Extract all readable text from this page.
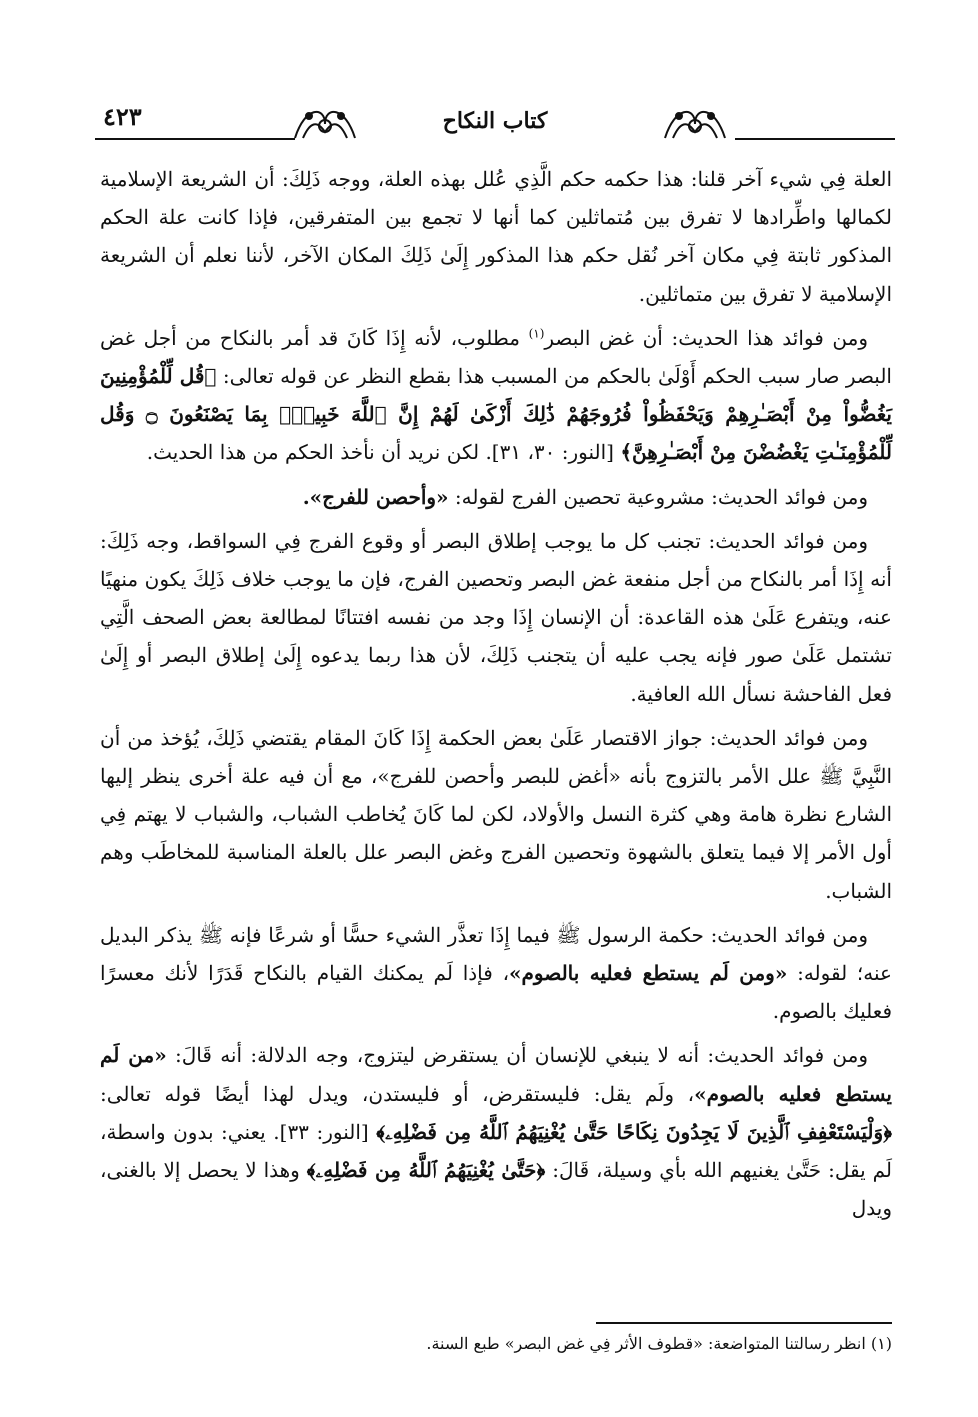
٤٢٣	كتاب النكاح

العلة فِي شيء آخر قلنا: هذا حكمه حكم الَّذِي عُلل بهذه العلة، ووجه ذَلِكَ: أن الشريعة الإسلامية لكمالها واطِّرادها لا تفرق بين مُتماثلين كما أنها لا تجمع بين المتفرقين، فإذا كانت علة الحكم المذكور ثابتة فِي مكان آخر نُقل حكم هذا المذكور إِلَىٰ ذَلِكَ المكان الآخر، لأننا نعلم أن الشريعة الإسلامية لا تفرق بين متماثلين.

ومن فوائد هذا الحديث: أن غض البصر$^{(١)}$ مطلوب، لأنه إِذَا كَانَ قد أمر بالنكاح من أجل غض البصر صار سبب الحكم أَوْلَىٰ بالحكم من المسبب هذا بقطع النظر عن قوله تعالى: ﴿قُل لِّلْمُؤْمِنِينَ يَغُضُّواْ مِنْ أَبْصَـٰرِهِمْ وَيَحْفَظُواْ فُرُوجَهُمْ ذَٰلِكَ أَزْكَىٰ لَهُمْ إِنَّ ٱللَّهَ خَبِيرٌۢ بِمَا يَصْنَعُونَ ۝ وَقُل لِّلْمُؤْمِنَـٰتِ يَغْضُضْنَ مِنْ أَبْصَـٰرِهِنَّ﴾ [النور: ٣٠، ٣١]. لكن نريد أن نأخذ الحكم من هذا الحديث.

ومن فوائد الحديث: مشروعية تحصين الفرج لقوله: «وأحصن للفرج».

ومن فوائد الحديث: تجنب كل ما يوجب إطلاق البصر أو وقوع الفرج فِي السواقط، وجه ذَلِكَ: أنه إِذَا أمر بالنكاح من أجل منفعة غض البصر وتحصين الفرج، فإن ما يوجب خلاف ذَلِكَ يكون منهيًا عنه، ويتفرع عَلَىٰ هذه القاعدة: أن الإنسان إِذَا وجد من نفسه افتتانًا لمطالعة بعض الصحف الَّتِي تشتمل عَلَىٰ صور فإنه يجب عليه أن يتجنب ذَلِكَ، لأن هذا ربما يدعوه إِلَىٰ إطلاق البصر أو إِلَىٰ فعل الفاحشة نسأل الله العافية.

ومن فوائد الحديث: جواز الاقتصار عَلَىٰ بعض الحكمة إِذَا كَانَ المقام يقتضي ذَلِكَ، يُؤخذ من أن النَّبِيَّ ﷺ علل الأمر بالتزوج بأنه «أغض للبصر وأحصن للفرج»، مع أن فيه علة أخرى ينظر إليها الشارع نظرة هامة وهي كثرة النسل والأولاد، لكن لما كَانَ يُخاطب الشباب، والشباب لا يهتم فِي أول الأمر إلا فيما يتعلق بالشهوة وتحصين الفرج وغض البصر علل بالعلة المناسبة للمخاطَب وهم الشباب.

ومن فوائد الحديث: حكمة الرسول ﷺ فيما إِذَا تعذَّر الشيء حسًّا أو شرعًا فإنه ﷺ يذكر البديل عنه؛ لقوله: «ومن لَم يستطع فعليه بالصوم»، فإذا لَم يمكنك القيام بالنكاح قَدَرًا لأنك معسرًا فعليك بالصوم.

ومن فوائد الحديث: أنه لا ينبغي للإنسان أن يستقرض ليتزوج، وجه الدلالة: أنه قَالَ: «من لَم يستطع فعليه بالصوم»، ولَم يقل: فليستقرض، أو فليستدن، ويدل لهذا أيضًا قوله تعالى: ﴿وَلْيَسْتَعْفِفِ ٱلَّذِينَ لَا يَجِدُونَ نِكَاحًا حَتَّىٰ يُغْنِيَهُمُ ٱللَّهُ مِن فَضْلِهِۦ﴾ [النور: ٣٣]. يعني: بدون واسطة، لَم يقل: حَتَّىٰ يغنيهم الله بأي وسيلة، قَالَ: ﴿حَتَّىٰ يُغْنِيَهُمُ ٱللَّهُ مِن فَضْلِهِۦ﴾ وهذا لا يحصل إلا بالغنى، ويدل

(١) انظر رسالتنا المتواضعة: «قطوف الأثر فِي غض البصر» طبع السنة.
